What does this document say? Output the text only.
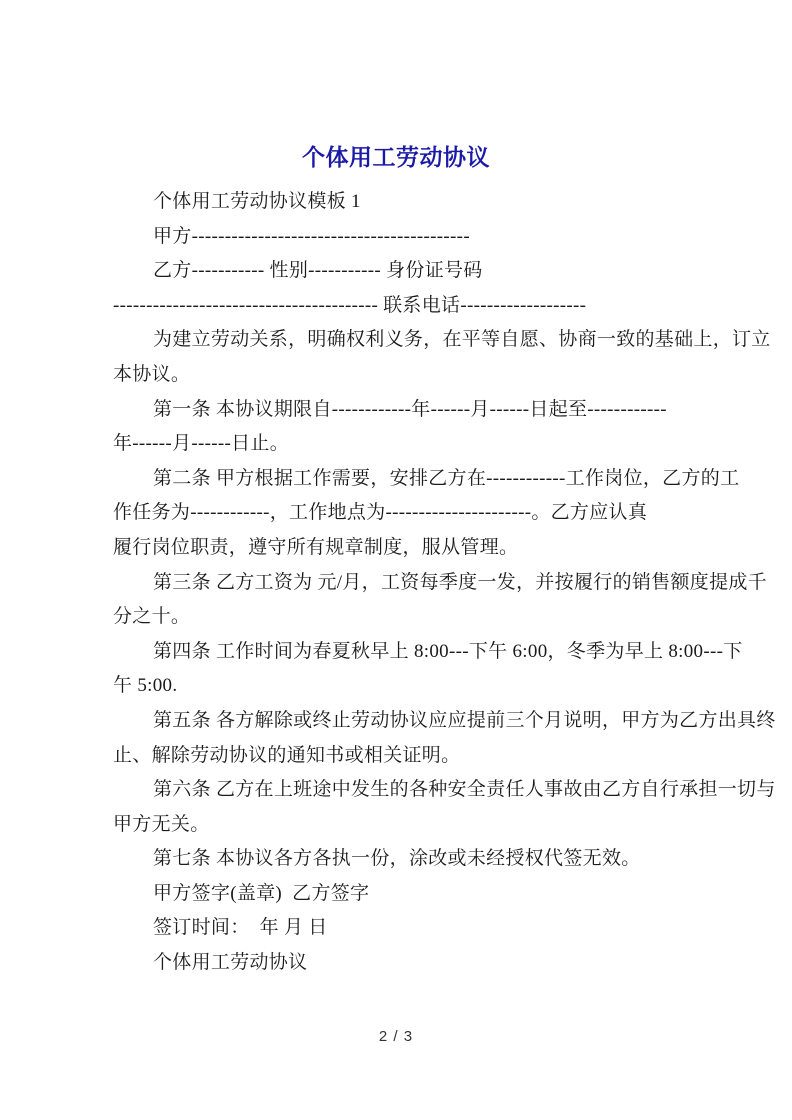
个体用工劳动协议
个体用工劳动协议模板 1
甲方------------------------------------------
乙方----------- 性别----------- 身份证号码
---------------------------------------- 联系电话-------------------
为建立劳动关系，明确权利义务，在平等自愿、协商一致的基础上，订立
本协议。
第一条 本协议期限自------------年------月------日起至------------
年------月------日止。
第二条 甲方根据工作需要，安排乙方在------------工作岗位，乙方的工
作任务为------------，工作地点为----------------------。乙方应认真
履行岗位职责，遵守所有规章制度，服从管理。
第三条 乙方工资为 元/月，工资每季度一发，并按履行的销售额度提成千
分之十。
第四条 工作时间为春夏秋早上 8:00---下午 6:00，冬季为早上 8:00---下
午 5:00.
第五条 各方解除或终止劳动协议应应提前三个月说明，甲方为乙方出具终
止、解除劳动协议的通知书或相关证明。
第六条 乙方在上班途中发生的各种安全责任人事故由乙方自行承担一切与
甲方无关。
第七条 本协议各方各执一份，涂改或未经授权代签无效。
甲方签字(盖章)  乙方签字
签订时间：  年 月 日
个体用工劳动协议
2 / 3
